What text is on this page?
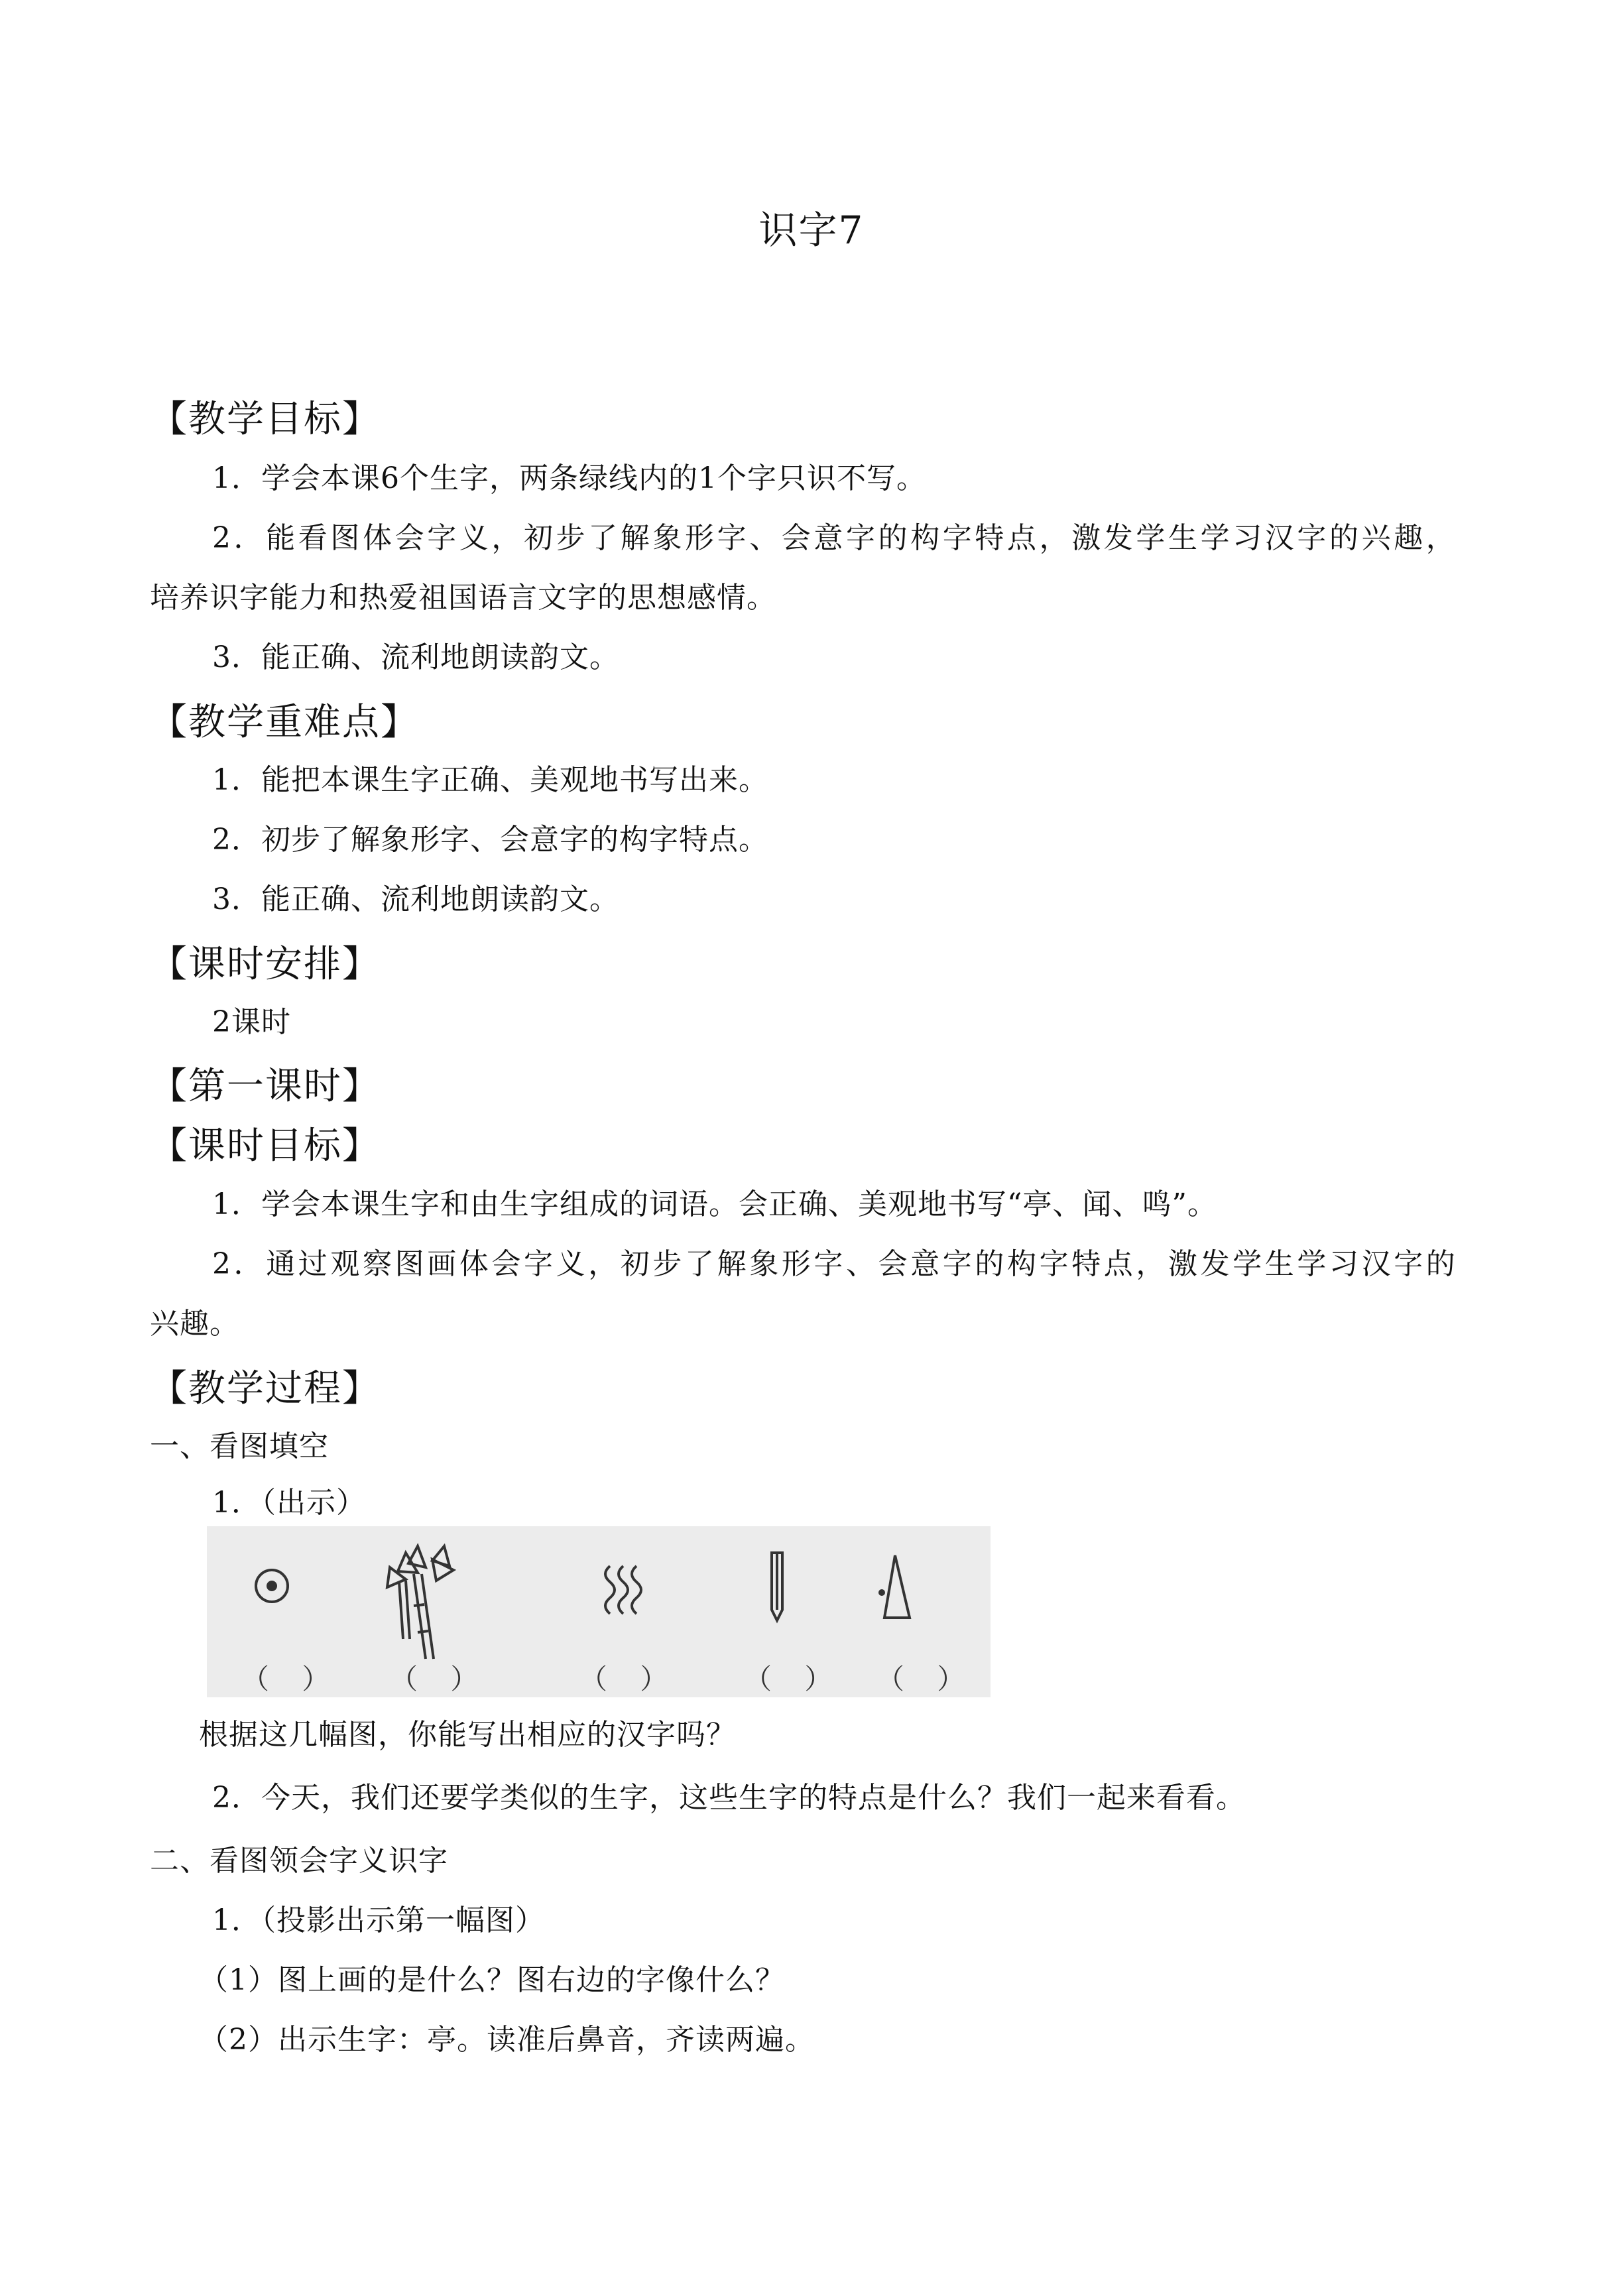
识字7
【教学目标】
1．学会本课6个生字，两条绿线内的1个字只识不写。
2．能看图体会字义，初步了解象形字、会意字的构字特点，激发学生学习汉字的兴趣，
培养识字能力和热爱祖国语言文字的思想感情。
3．能正确、流利地朗读韵文。
【教学重难点】
1．能把本课生字正确、美观地书写出来。
2．初步了解象形字、会意字的构字特点。
3．能正确、流利地朗读韵文。
【课时安排】
2课时
【第一课时】
【课时目标】
1．学会本课生字和由生字组成的词语。会正确、美观地书写“亭、闻、鸣”。
2．通过观察图画体会字义，初步了解象形字、会意字的构字特点，激发学生学习汉字的
兴趣。
【教学过程】
一、看图填空
1．（出示）
（ ） （ ）	（ ） （ ） （ ）
根据这几幅图，你能写出相应的汉字吗？
2．今天，我们还要学类似的生字，这些生字的特点是什么？我们一起来看看。
二、看图领会字义识字
1．（投影出示第一幅图）
（1）图上画的是什么？图右边的字像什么？
（2）出示生字：亭。读准后鼻音，齐读两遍。
